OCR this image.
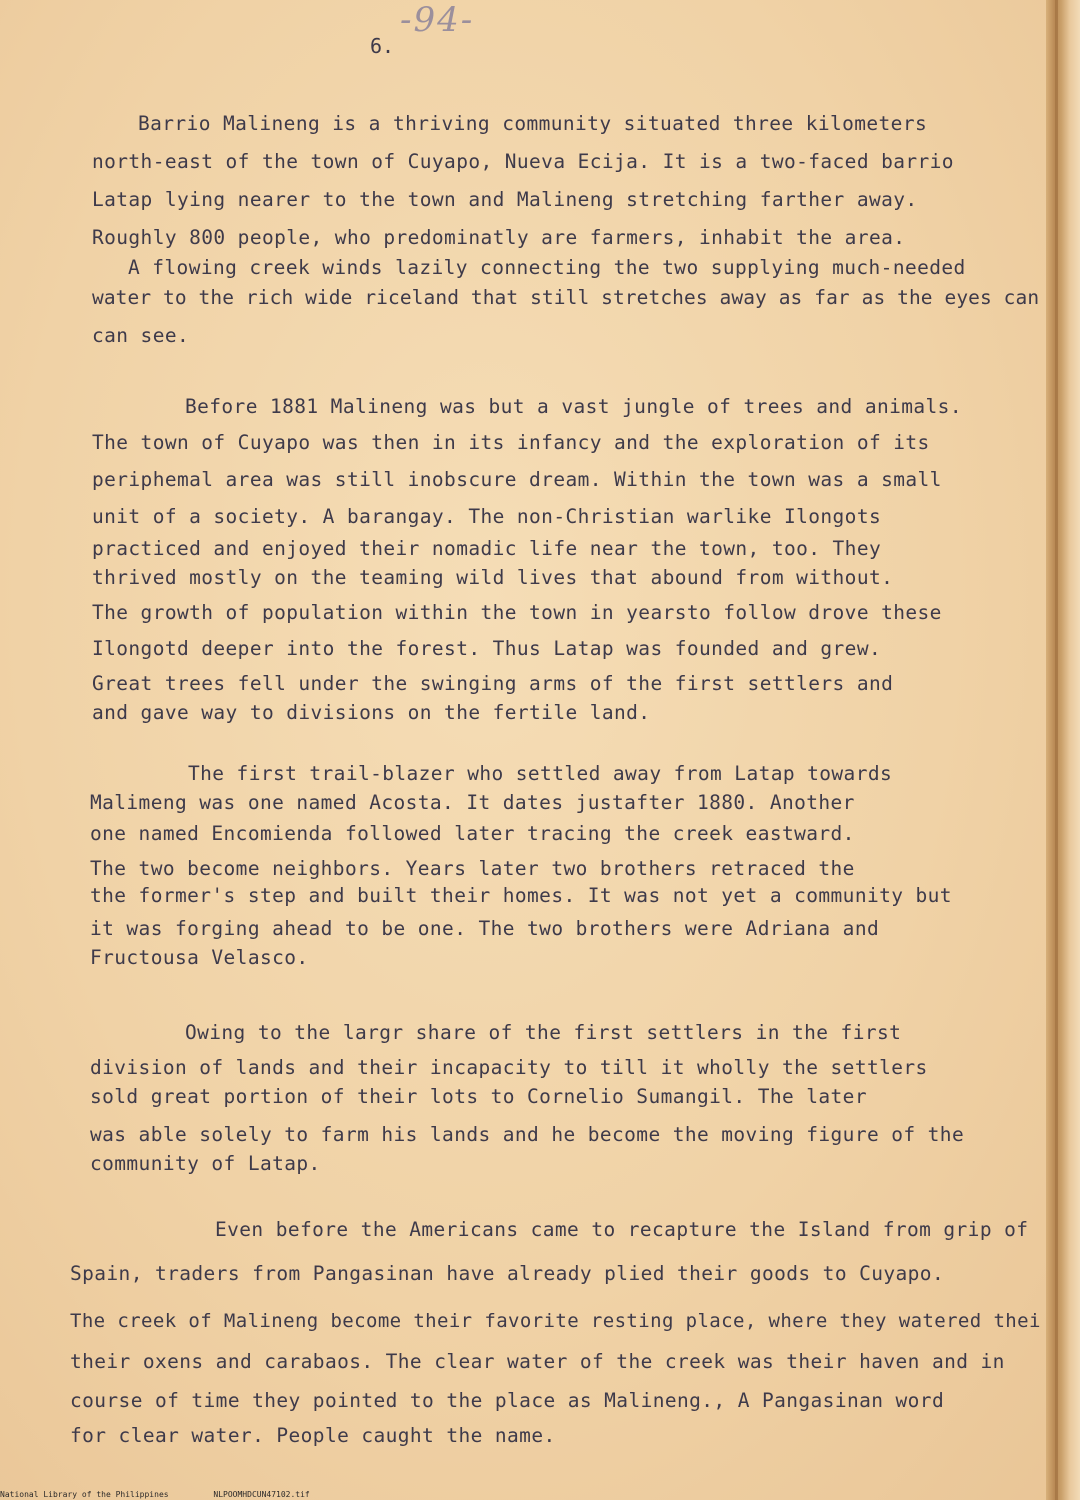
-94-
6.
Barrio Malineng is a thriving community situated three kilometers
north-east of the town of Cuyapo, Nueva Ecija. It is a two-faced barrio
Latap lying nearer to the town and Malineng stretching farther away.
Roughly 800 people, who predominatly are farmers, inhabit the area.
A flowing creek winds lazily connecting the two supplying much-needed
water to the rich wide riceland that still stretches away as far as the eyes can
can see.
Before 1881 Malineng was but a vast jungle of trees and animals.
The town of Cuyapo was then in its infancy and the exploration of its
periphemal area was still inobscure dream. Within the town was a small
unit of a society. A barangay. The non-Christian warlike Ilongots
practiced and enjoyed their nomadic life near the town, too. They
thrived mostly on the teaming wild lives that abound from without.
The growth of population within the town in yearsto follow drove these
Ilongotd deeper into the forest. Thus Latap was founded and grew.
Great trees fell under the swinging arms of the first settlers and
and gave way to divisions on the fertile land.
The first trail-blazer who settled away from Latap towards
Malimeng was one named Acosta. It dates justafter 1880. Another
one named Encomienda followed later tracing the creek eastward.
The two become neighbors. Years later two brothers retraced the
the former's step and built their homes. It was not yet a community but
it was forging ahead to be one. The two brothers were Adriana and
Fructousa Velasco.
Owing to the largr share of the first settlers in the first
division of lands and their incapacity to till it wholly the settlers
sold great portion of their lots to Cornelio Sumangil. The later
was able solely to farm his lands and he become the moving figure of the
community of Latap.
Even before the Americans came to recapture the Island from grip of
Spain, traders from Pangasinan have already plied their goods to Cuyapo.
The creek of Malineng become their favorite resting place, where they watered thei
their oxens and carabaos. The clear water of the creek was their haven and in
course of time they pointed to the place as Malineng., A Pangasinan word
for clear water. People caught the name.
National Library of the Philippines	NLPOOMHDCUN47102.tif
